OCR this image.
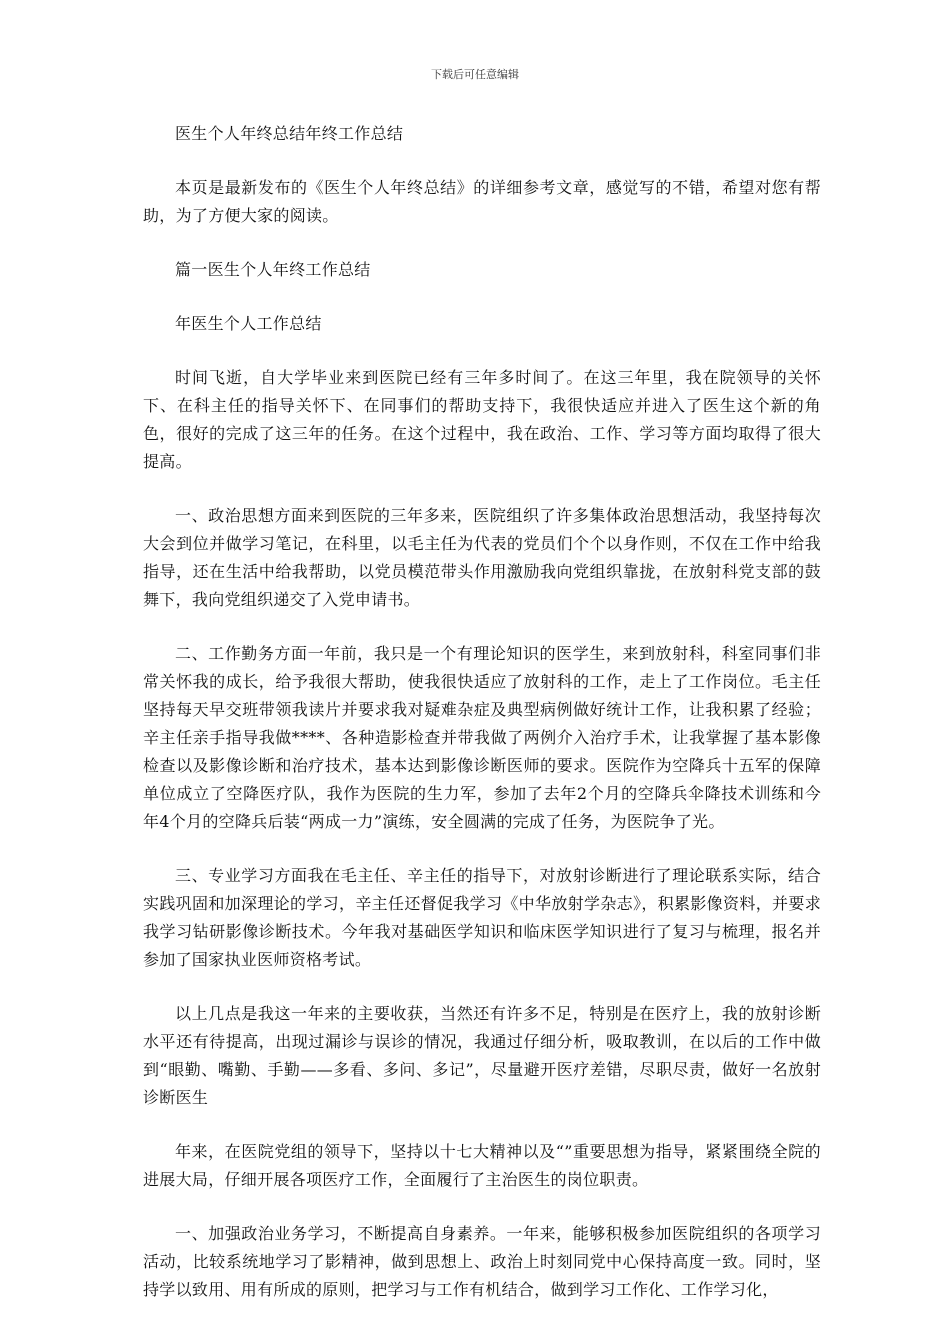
下载后可任意编辑

医生个人年终总结年终工作总结

本页是最新发布的《医生个人年终总结》的详细参考文章，感觉写的不错，希望对您有帮助，为了方便大家的阅读。

篇一医生个人年终工作总结

年医生个人工作总结

时间飞逝，自大学毕业来到医院已经有三年多时间了。在这三年里，我在院领导的关怀下、在科主任的指导关怀下、在同事们的帮助支持下，我很快适应并进入了医生这个新的角色，很好的完成了这三年的任务。在这个过程中，我在政治、工作、学习等方面均取得了很大提高。

一、政治思想方面来到医院的三年多来，医院组织了许多集体政治思想活动，我坚持每次大会到位并做学习笔记，在科里，以毛主任为代表的党员们个个以身作则，不仅在工作中给我指导，还在生活中给我帮助，以党员模范带头作用激励我向党组织靠拢，在放射科党支部的鼓舞下，我向党组织递交了入党申请书。

二、工作勤务方面一年前，我只是一个有理论知识的医学生，来到放射科，科室同事们非常关怀我的成长，给予我很大帮助，使我很快适应了放射科的工作，走上了工作岗位。毛主任坚持每天早交班带领我读片并要求我对疑难杂症及典型病例做好统计工作，让我积累了经验；辛主任亲手指导我做****、各种造影检查并带我做了两例介入治疗手术，让我掌握了基本影像检查以及影像诊断和治疗技术，基本达到影像诊断医师的要求。医院作为空降兵十五军的保障单位成立了空降医疗队，我作为医院的生力军，参加了去年2个月的空降兵伞降技术训练和今年4个月的空降兵后装“两成一力”演练，安全圆满的完成了任务，为医院争了光。

三、专业学习方面我在毛主任、辛主任的指导下，对放射诊断进行了理论联系实际，结合实践巩固和加深理论的学习，辛主任还督促我学习《中华放射学杂志》，积累影像资料，并要求我学习钻研影像诊断技术。今年我对基础医学知识和临床医学知识进行了复习与梳理，报名并参加了国家执业医师资格考试。

以上几点是我这一年来的主要收获，当然还有许多不足，特别是在医疗上，我的放射诊断水平还有待提高，出现过漏诊与误诊的情况，我通过仔细分析，吸取教训，在以后的工作中做到“眼勤、嘴勤、手勤——多看、多问、多记”，尽量避开医疗差错，尽职尽责，做好一名放射诊断医生

年来，在医院党组的领导下，坚持以十七大精神以及“”重要思想为指导，紧紧围绕全院的进展大局，仔细开展各项医疗工作，全面履行了主治医生的岗位职责。

一、加强政治业务学习，不断提高自身素养。一年来，能够积极参加医院组织的各项学习活动，比较系统地学习了影精神，做到思想上、政治上时刻同党中心保持高度一致。同时，坚持学以致用、用有所成的原则，把学习与工作有机结合，做到学习工作化、工作学习化，
